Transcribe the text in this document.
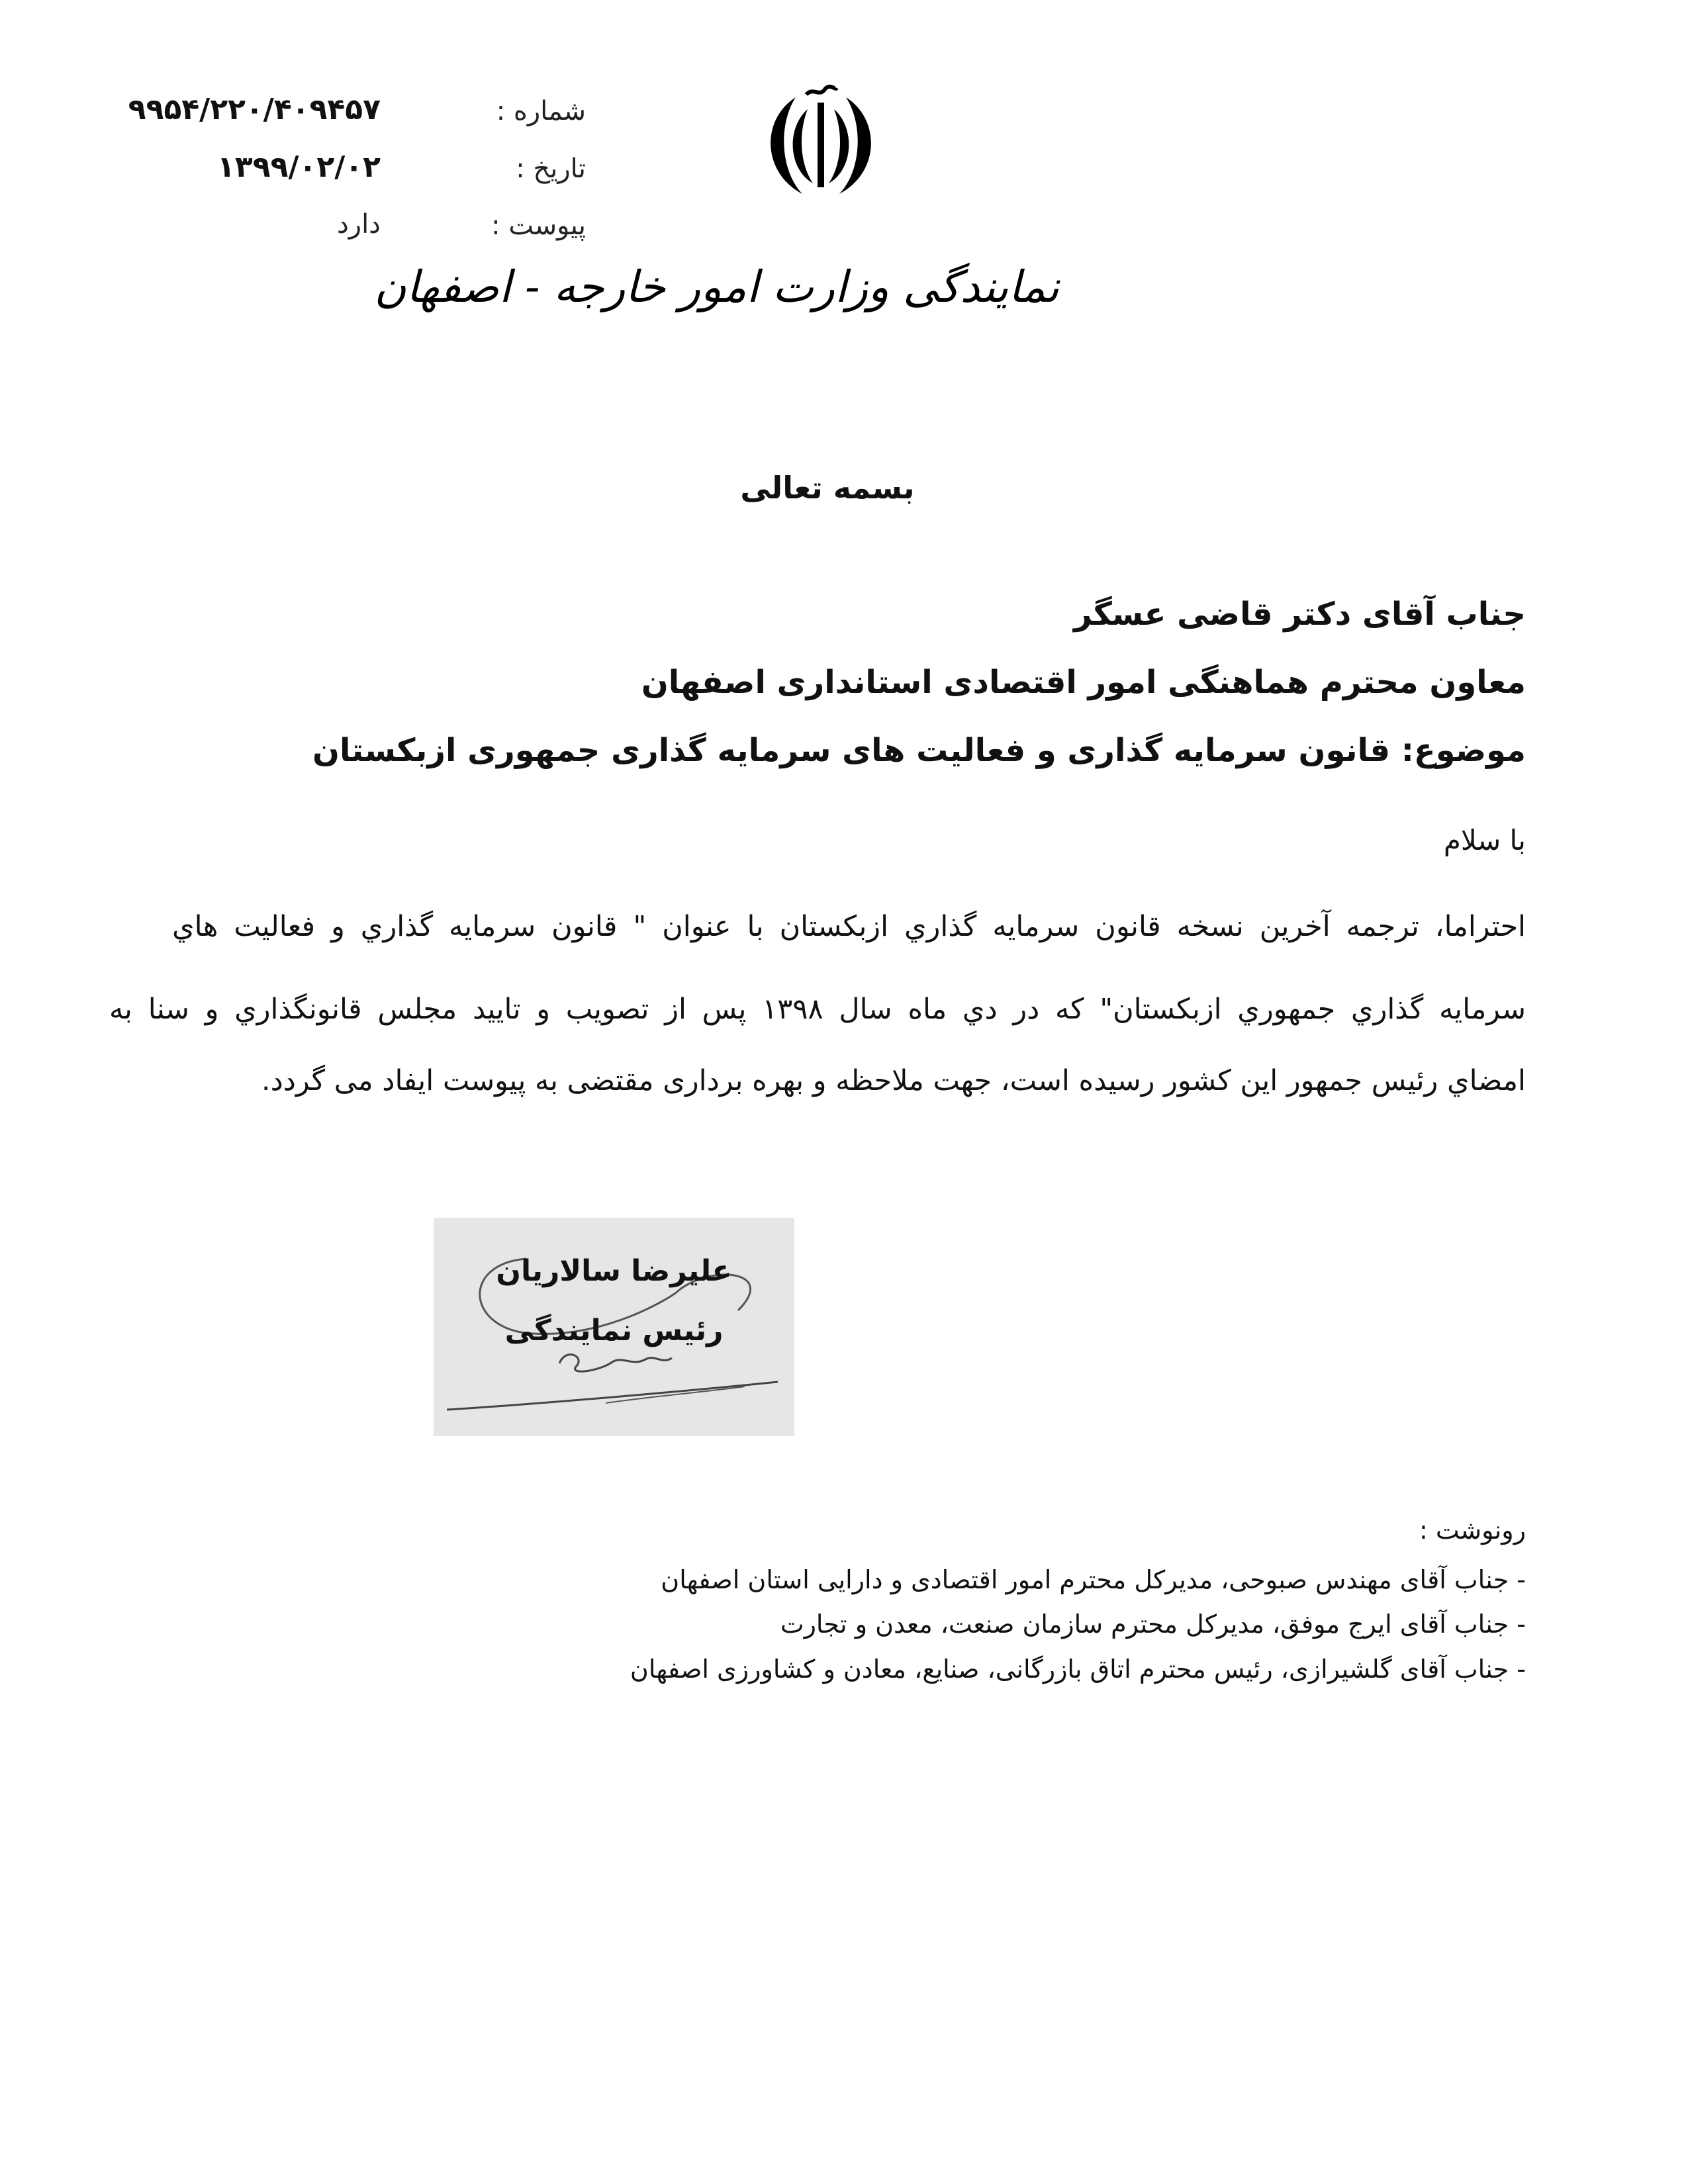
شماره :
۹۹۵۴/۲۲۰/۴۰۹۴۵۷
تاریخ :
۱۳۹۹/۰۲/۰۲
پیوست :
دارد
نمایندگی وزارت امور خارجه - اصفهان
بسمه تعالی
جناب آقای دکتر قاضی عسگر
معاون محترم هماهنگی امور اقتصادی استانداری اصفهان
موضوع: قانون سرمایه گذاری و فعالیت های سرمایه گذاری جمهوری ازبکستان
با سلام
احتراما، ترجمه آخرين نسخه قانون سرمايه گذاري ازبكستان با عنوان " قانون سرمايه گذاري و فعاليت هاي
سرمايه گذاري جمهوري ازبكستان" كه در دي ماه سال ۱۳۹۸ پس از تصويب و تاييد مجلس قانونگذاري و سنا به
امضاي رئيس جمهور اين كشور رسيده است، جهت ملاحظه و بهره برداری مقتضی به پیوست ایفاد می گردد.
علیرضا سالاریان
رئیس نمایندگی
رونوشت :
- جناب آقای مهندس صبوحی، مدیرکل محترم امور اقتصادی و دارایی استان اصفهان
- جناب آقای ایرج موفق، مدیرکل محترم سازمان صنعت، معدن و تجارت
- جناب آقای گلشیرازی، رئیس محترم اتاق بازرگانی، صنایع، معادن و کشاورزی اصفهان
